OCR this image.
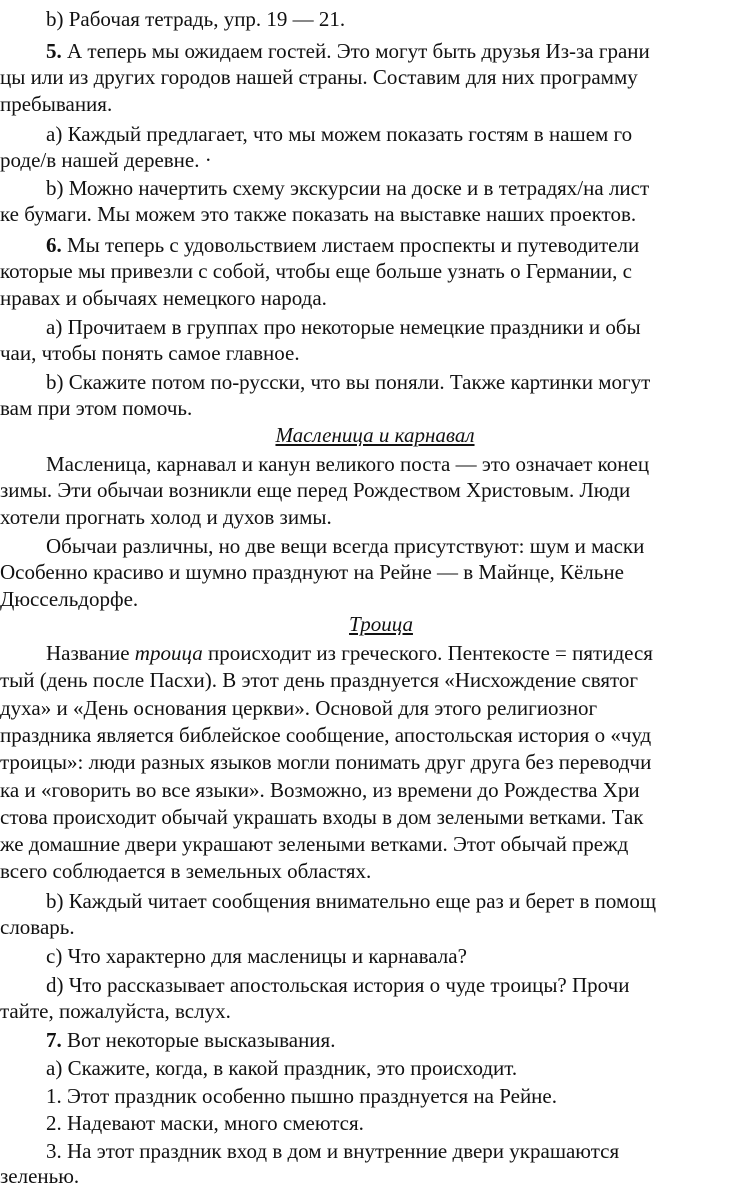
b) Рабочая тетрадь, упр. 19 — 21.
5. А теперь мы ожидаем гостей. Это могут быть друзья Из-за грани
цы или из других городов нашей страны. Составим для них программу
пребывания.
a) Каждый предлагает, что мы можем показать гостям в нашем го
роде/в нашей деревне. ·
b) Можно начертить схему экскурсии на доске и в тетрадях/на лист
ке бумаги. Мы можем это также показать на выставке наших проектов.
6. Мы теперь с удовольствием листаем проспекты и путеводители
которые мы привезли с собой, чтобы еще больше узнать о Германии, с
нравах и обычаях немецкого народа.
a) Прочитаем в группах про некоторые немецкие праздники и обы
чаи, чтобы понять самое главное.
b) Скажите потом по-русски, что вы поняли. Также картинки могут
вам при этом помочь.
Масленица и карнавал
Масленица, карнавал и канун великого поста — это означает конец
зимы. Эти обычаи возникли еще перед Рождеством Христовым. Люди
хотели прогнать холод и духов зимы.
Обычаи различны, но две вещи всегда присутствуют: шум и маски
Особенно красиво и шумно празднуют на Рейне — в Майнце, Кёльне
Дюссельдорфе.
Троица
Название троица происходит из греческого. Пентекосте = пятидеся
тый (день после Пасхи). В этот день празднуется «Нисхождение святог
духа» и «День основания церкви». Основой для этого религиозног
праздника является библейское сообщение, апостольская история о «чуд
троицы»: люди разных языков могли понимать друг друга без переводчи
ка и «говорить во все языки». Возможно, из времени до Рождества Хри
стова происходит обычай украшать входы в дом зелеными ветками. Так
же домашние двери украшают зелеными ветками. Этот обычай прежд
всего соблюдается в земельных областях.
b) Каждый читает сообщения внимательно еще раз и берет в помощ
словарь.
c) Что характерно для масленицы и карнавала?
d) Что рассказывает апостольская история о чуде троицы? Прочи
тайте, пожалуйста, вслух.
7. Вот некоторые высказывания.
a) Скажите, когда, в какой праздник, это происходит.
1. Этот праздник особенно пышно празднуется на Рейне.
2. Надевают маски, много смеются.
3. На этот праздник вход в дом и внутренние двери украшаются
зеленью.
